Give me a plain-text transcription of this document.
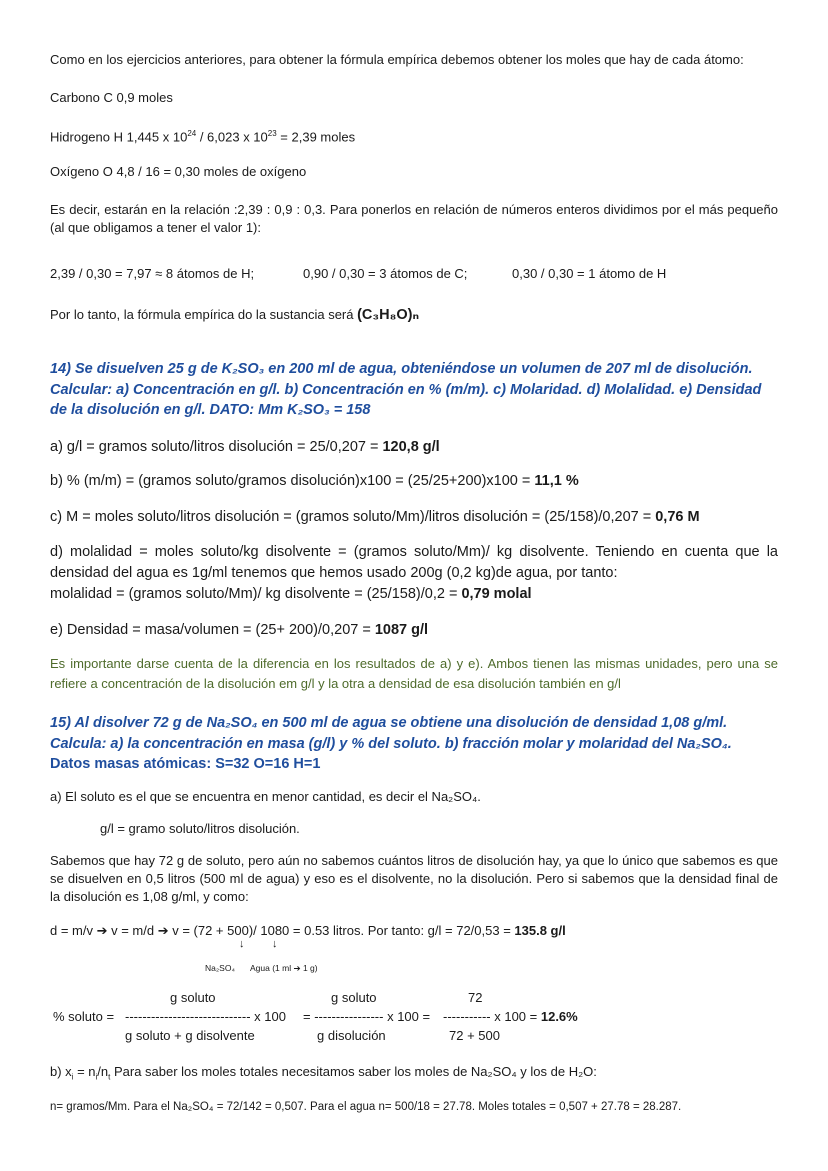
Como en los ejercicios anteriores, para obtener la fórmula empírica debemos obtener los moles que hay de cada átomo:

Carbono C 0,9 moles

Hidrogeno H 1,445 x $10^{24} / 6,023$ x $10^{23} = 2,39$ moles

Oxígeno O 4,8 / 16 = 0,30 moles de oxígeno

Es decir, estarán en la relación :2,39 : 0,9 : 0,3. Para ponerlos en relación de números enteros dividimos por el más pequeño (al que obligamos a tener el valor 1):

2,39 / 0,30 = 7,97 ≈ 8 átomos de H;	0,90 / 0,30 = 3 átomos de C;	0,30 / 0,30 = 1 átomo de H

Por lo tanto, la fórmula empírica do la sustancia será (C₃H₈O)ₙ

14) Se disuelven 25 g de K₂SO₃ en 200 ml de agua, obteniéndose un volumen de 207 ml de disolución. Calcular: a) Concentración en g/l. b) Concentración en % (m/m). c) Molaridad. d) Molalidad. e) Densidad de la disolución en g/l. DATO: Mm K₂SO₃ = 158

a) g/l = gramos soluto/litros disolución = 25/0,207 = 120,8 g/l

b) % (m/m) = (gramos soluto/gramos disolución)x100 = (25/25+200)x100 = 11,1 %

c) M = moles soluto/litros disolución = (gramos soluto/Mm)/litros disolución = (25/158)/0,207 = 0,76 M

d) molalidad = moles soluto/kg disolvente = (gramos soluto/Mm)/ kg disolvente. Teniendo en cuenta que la densidad del agua es 1g/ml tenemos que hemos usado 200g (0,2 kg)de agua, por tanto:

molalidad = (gramos soluto/Mm)/ kg disolvente = (25/158)/0,2 = 0,79 molal

e) Densidad = masa/volumen = (25+ 200)/0,207 = 1087 g/l

Es importante darse cuenta de la diferencia en los resultados de a) y e). Ambos tienen las mismas unidades, pero una se refiere a concentración de la disolución em g/l y la otra a densidad de esa disolución también en g/l

15) Al disolver 72 g de Na₂SO₄ en 500 ml de agua se obtiene una disolución de densidad 1,08 g/ml. Calcula: a) la concentración en masa (g/l) y % del soluto. b) fracción molar y molaridad del Na₂SO₄.

Datos masas atómicas: S=32 O=16 H=1

a) El soluto es el que se encuentra en menor cantidad, es decir el Na₂SO₄.

g/l = gramo soluto/litros disolución.

Sabemos que hay 72 g de soluto, pero aún no sabemos cuántos litros de disolución hay, ya que lo único que sabemos es que se disuelven en 0,5 litros (500 ml de agua) y eso es el disolvente, no la disolución. Pero si sabemos que la densidad final de la disolución es 1,08 g/ml, y como:

d = m/v ➔ v = m/d ➔ v = (72 + 500)/ 1080 = 0.53 litros. Por tanto: g/l = 72/0,53 = 135.8 g/l

↓	↓
Na₂SO₄ Agua (1 ml ➔ 1 g)
% soluto =
g soluto
----------------------------- x 100
g soluto + g disolvente
g soluto
= ---------------- x 100 =
g disolución
72
----------- x 100 = 12.6%
72 + 500

b) $x_i = n_i/n_t$ Para saber los moles totales necesitamos saber los moles de Na₂SO₄ y los de H₂O:

n= gramos/Mm. Para el Na₂SO₄ = 72/142 = 0,507. Para el agua n= 500/18 = 27.78. Moles totales = 0,507 + 27.78 = 28.287.
